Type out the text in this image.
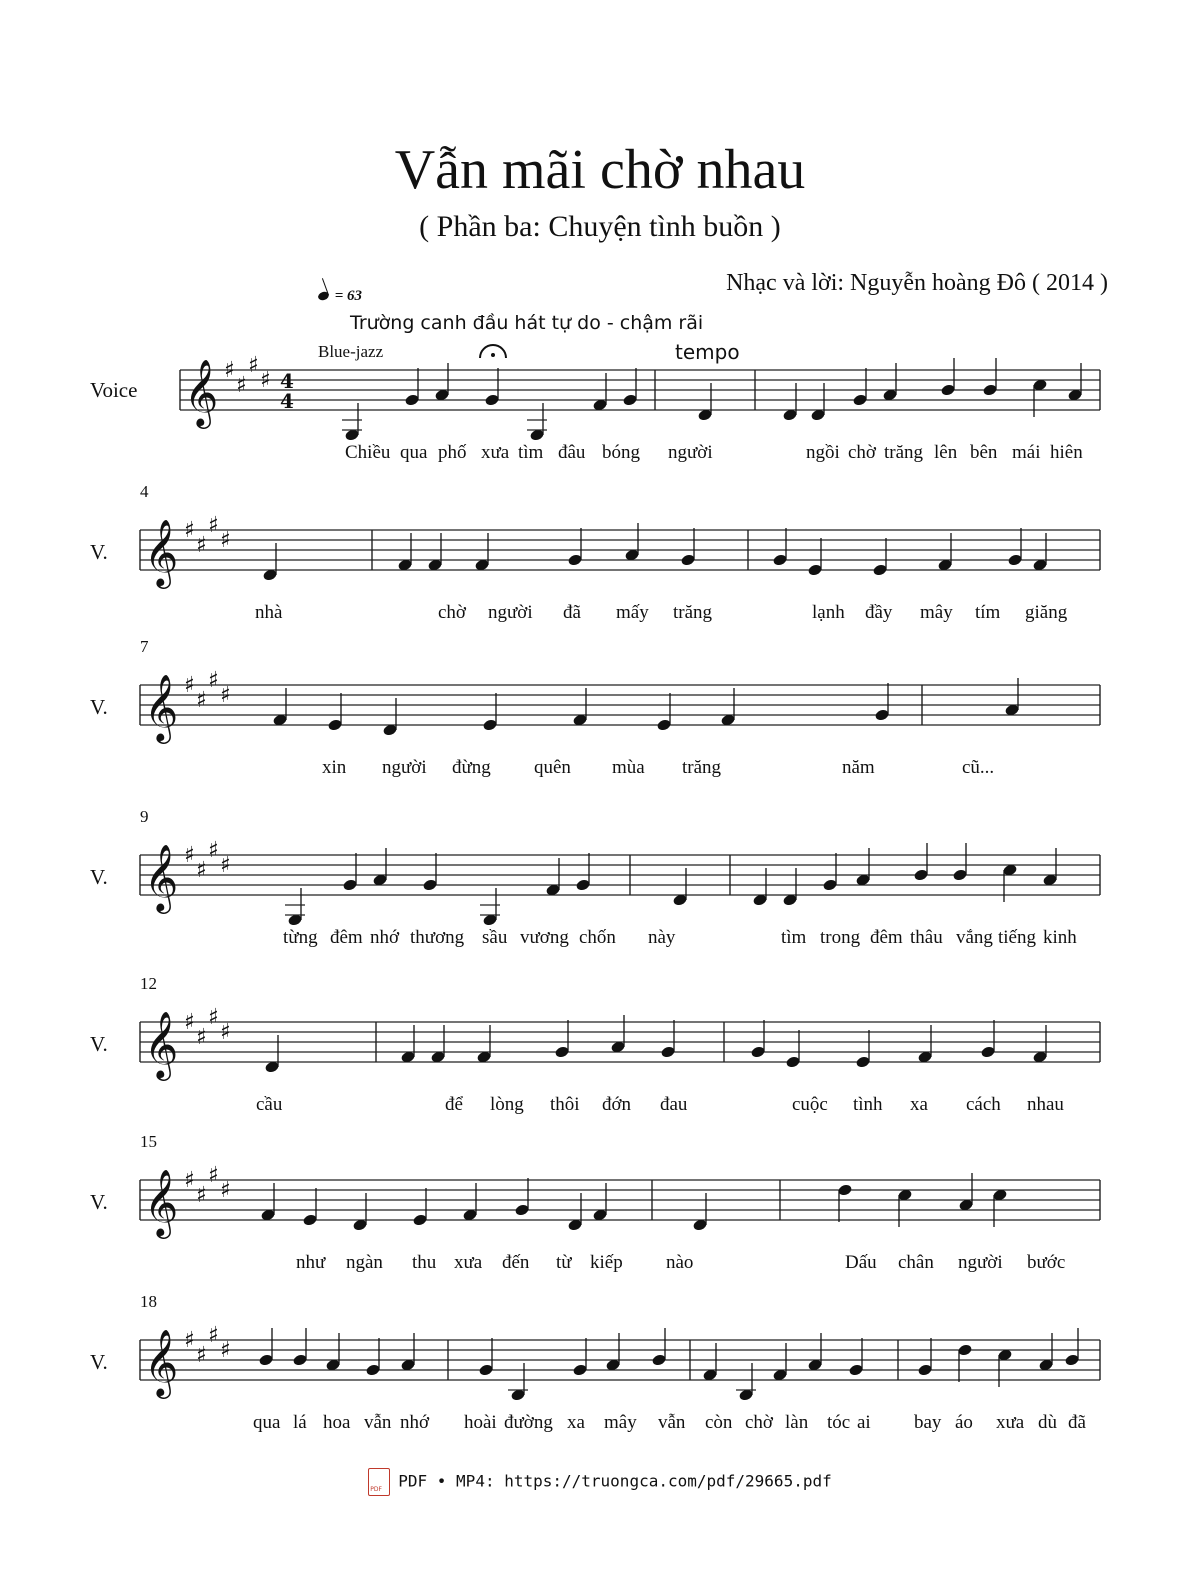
Vẫn mãi chờ nhau
( Phần ba: Chuyện tình buồn )
Nhạc và lời: Nguyễn hoàng Đô ( 2014 )
= 63
Trường canh đầu hát tự do - chậm rãi
Blue-jazz	tempo
Voice 𝄞 ♯
♯
♯
♯ 4
4
𝄞 ♯
♯
♯
♯
𝄞 ♯
♯
♯
♯
𝄞 ♯
♯
♯
♯
𝄞 ♯
♯
♯
♯
𝄞 ♯
♯
♯
♯
𝄞 ♯
♯
♯
♯
Chiều qua phố xưa tìm đâu bóng người	ngồi chờ trăng lên bên mái hiên
4
V.
nhà	chờ người đã mấy trăng	lạnh đầy mây tím giăng
7
V.
xin người đừng quên mùa trăng	năm	cũ...
9
V.
từng đêm nhớ thương sầu vương chốn này	tìm trong đêm thâu vắng tiếng kinh
12
V.
cầu	để lòng thôi đớn đau	cuộc tình xa cách nhau
15
V.
như ngàn thu xưa đến từ kiếp nào	Dấu chân người bước
18
V.
qua lá hoa vẫn nhớ hoài đường xa mây vẫn còn chờ làn tóc ai bay áo xưa dù đã
PDFPDF • MP4: https://truongca.com/pdf/29665.pdf
